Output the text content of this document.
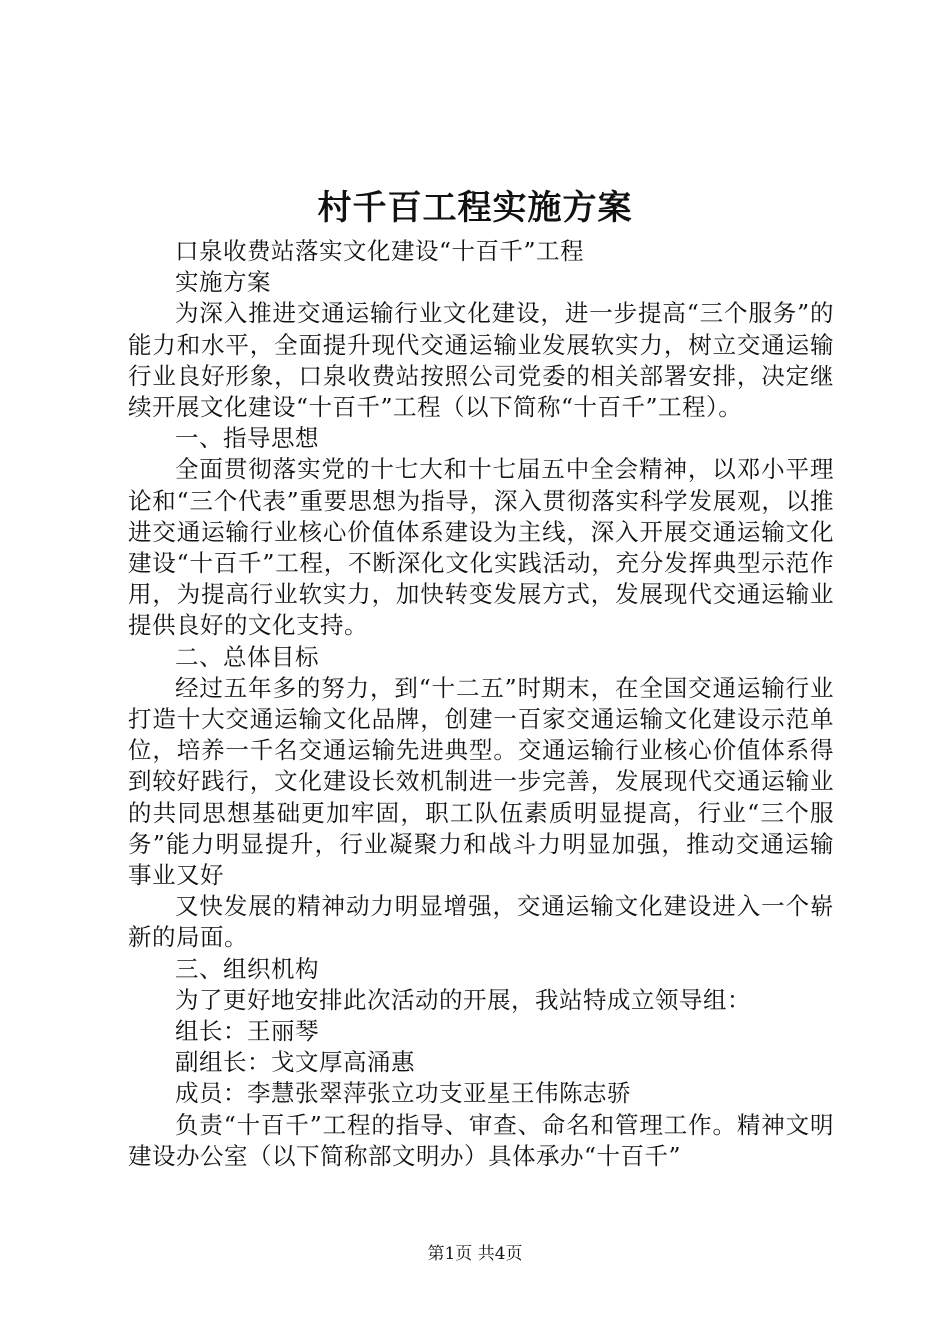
村千百工程实施方案

口泉收费站落实文化建设“十百千”工程

实施方案

为深入推进交通运输行业文化建设，进一步提高“三个服务”的能力和水平，全面提升现代交通运输业发展软实力，树立交通运输行业良好形象，口泉收费站按照公司党委的相关部署安排，决定继续开展文化建设“十百千”工程（以下简称“十百千”工程）。

一、指导思想

全面贯彻落实党的十七大和十七届五中全会精神，以邓小平理论和“三个代表”重要思想为指导，深入贯彻落实科学发展观，以推进交通运输行业核心价值体系建设为主线，深入开展交通运输文化建设“十百千”工程，不断深化文化实践活动，充分发挥典型示范作用，为提高行业软实力，加快转变发展方式，发展现代交通运输业提供良好的文化支持。

二、总体目标

经过五年多的努力，到“十二五”时期末，在全国交通运输行业打造十大交通运输文化品牌，创建一百家交通运输文化建设示范单位，培养一千名交通运输先进典型。交通运输行业核心价值体系得到较好践行，文化建设长效机制进一步完善，发展现代交通运输业的共同思想基础更加牢固，职工队伍素质明显提高，行业“三个服务”能力明显提升，行业凝聚力和战斗力明显加强，推动交通运输事业又好

又快发展的精神动力明显增强，交通运输文化建设进入一个崭新的局面。

三、组织机构

为了更好地安排此次活动的开展，我站特成立领导组：

组长：王丽琴

副组长：戈文厚高涌惠

成员：李慧张翠萍张立功支亚星王伟陈志骄

负责“十百千”工程的指导、审查、命名和管理工作。精神文明建设办公室（以下简称部文明办）具体承办“十百千”

第1页 共4页
